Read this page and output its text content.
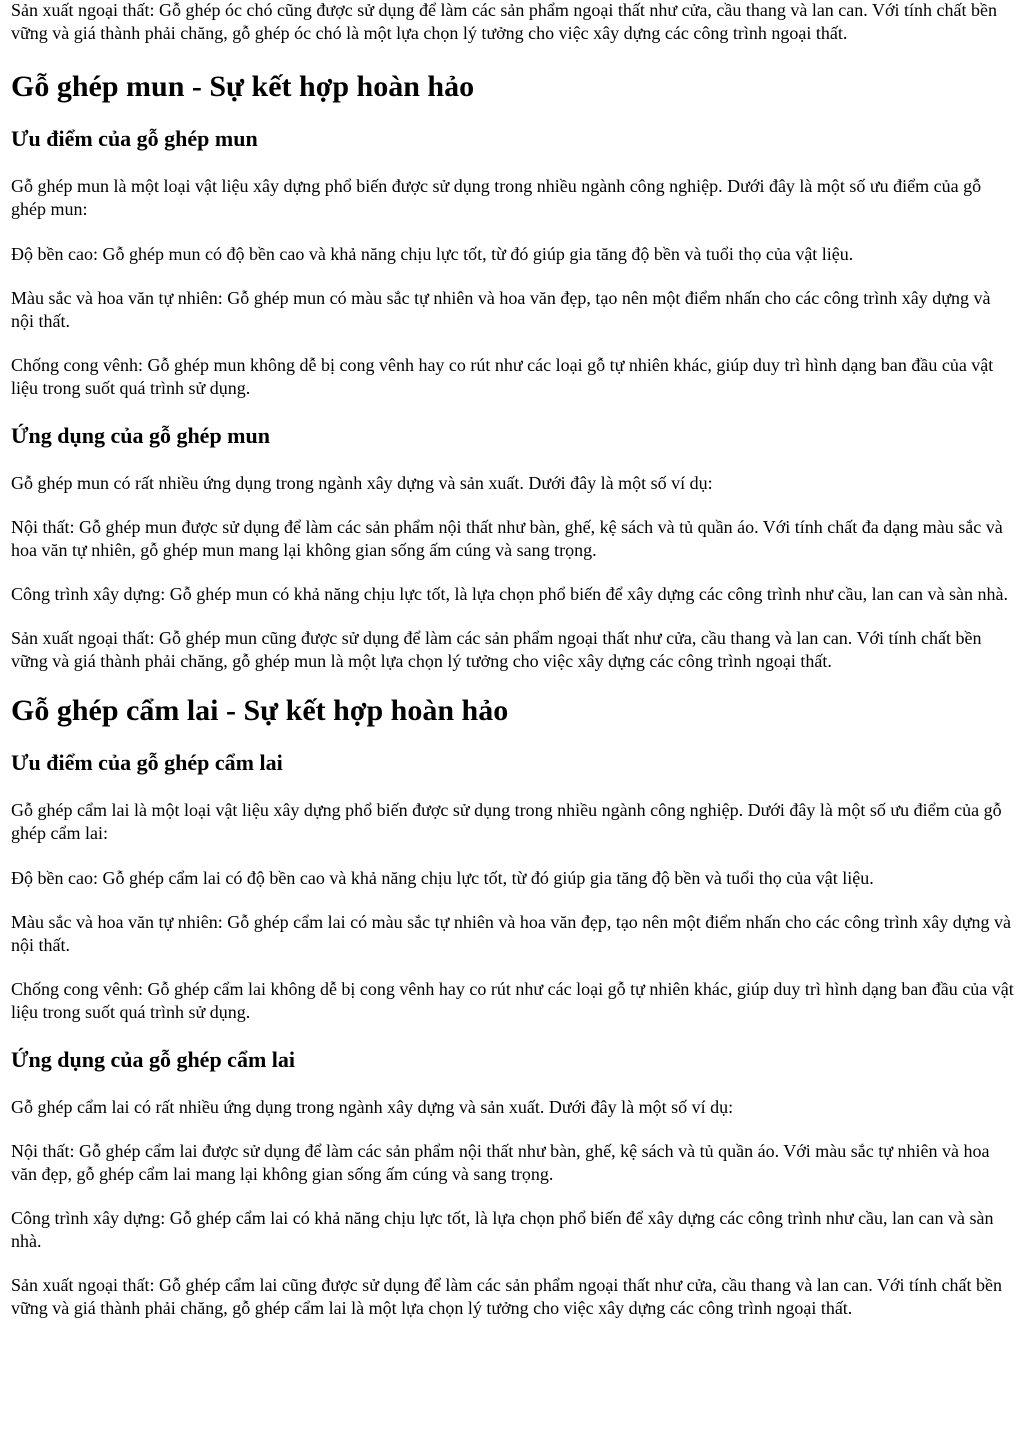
Sản xuất ngoại thất: Gỗ ghép óc chó cũng được sử dụng để làm các sản phẩm ngoại thất như cửa, cầu thang và lan can. Với tính chất bền vững và giá thành phải chăng, gỗ ghép óc chó là một lựa chọn lý tưởng cho việc xây dựng các công trình ngoại thất.

Gỗ ghép mun - Sự kết hợp hoàn hảo
Ưu điểm của gỗ ghép mun

Gỗ ghép mun là một loại vật liệu xây dựng phổ biến được sử dụng trong nhiều ngành công nghiệp. Dưới đây là một số ưu điểm của gỗ ghép mun:

Độ bền cao: Gỗ ghép mun có độ bền cao và khả năng chịu lực tốt, từ đó giúp gia tăng độ bền và tuổi thọ của vật liệu.

Màu sắc và hoa văn tự nhiên: Gỗ ghép mun có màu sắc tự nhiên và hoa văn đẹp, tạo nên một điểm nhấn cho các công trình xây dựng và nội thất.

Chống cong vênh: Gỗ ghép mun không dễ bị cong vênh hay co rút như các loại gỗ tự nhiên khác, giúp duy trì hình dạng ban đầu của vật liệu trong suốt quá trình sử dụng.

Ứng dụng của gỗ ghép mun

Gỗ ghép mun có rất nhiều ứng dụng trong ngành xây dựng và sản xuất. Dưới đây là một số ví dụ:

Nội thất: Gỗ ghép mun được sử dụng để làm các sản phẩm nội thất như bàn, ghế, kệ sách và tủ quần áo. Với tính chất đa dạng màu sắc và hoa văn tự nhiên, gỗ ghép mun mang lại không gian sống ấm cúng và sang trọng.

Công trình xây dựng: Gỗ ghép mun có khả năng chịu lực tốt, là lựa chọn phổ biến để xây dựng các công trình như cầu, lan can và sàn nhà.

Sản xuất ngoại thất: Gỗ ghép mun cũng được sử dụng để làm các sản phẩm ngoại thất như cửa, cầu thang và lan can. Với tính chất bền vững và giá thành phải chăng, gỗ ghép mun là một lựa chọn lý tưởng cho việc xây dựng các công trình ngoại thất.

Gỗ ghép cẩm lai - Sự kết hợp hoàn hảo
Ưu điểm của gỗ ghép cẩm lai

Gỗ ghép cẩm lai là một loại vật liệu xây dựng phổ biến được sử dụng trong nhiều ngành công nghiệp. Dưới đây là một số ưu điểm của gỗ ghép cẩm lai:

Độ bền cao: Gỗ ghép cẩm lai có độ bền cao và khả năng chịu lực tốt, từ đó giúp gia tăng độ bền và tuổi thọ của vật liệu.

Màu sắc và hoa văn tự nhiên: Gỗ ghép cẩm lai có màu sắc tự nhiên và hoa văn đẹp, tạo nên một điểm nhấn cho các công trình xây dựng và nội thất.

Chống cong vênh: Gỗ ghép cẩm lai không dễ bị cong vênh hay co rút như các loại gỗ tự nhiên khác, giúp duy trì hình dạng ban đầu của vật liệu trong suốt quá trình sử dụng.

Ứng dụng của gỗ ghép cẩm lai

Gỗ ghép cẩm lai có rất nhiều ứng dụng trong ngành xây dựng và sản xuất. Dưới đây là một số ví dụ:

Nội thất: Gỗ ghép cẩm lai được sử dụng để làm các sản phẩm nội thất như bàn, ghế, kệ sách và tủ quần áo. Với màu sắc tự nhiên và hoa văn đẹp, gỗ ghép cẩm lai mang lại không gian sống ấm cúng và sang trọng.

Công trình xây dựng: Gỗ ghép cẩm lai có khả năng chịu lực tốt, là lựa chọn phổ biến để xây dựng các công trình như cầu, lan can và sàn nhà.

Sản xuất ngoại thất: Gỗ ghép cẩm lai cũng được sử dụng để làm các sản phẩm ngoại thất như cửa, cầu thang và lan can. Với tính chất bền vững và giá thành phải chăng, gỗ ghép cẩm lai là một lựa chọn lý tưởng cho việc xây dựng các công trình ngoại thất.
